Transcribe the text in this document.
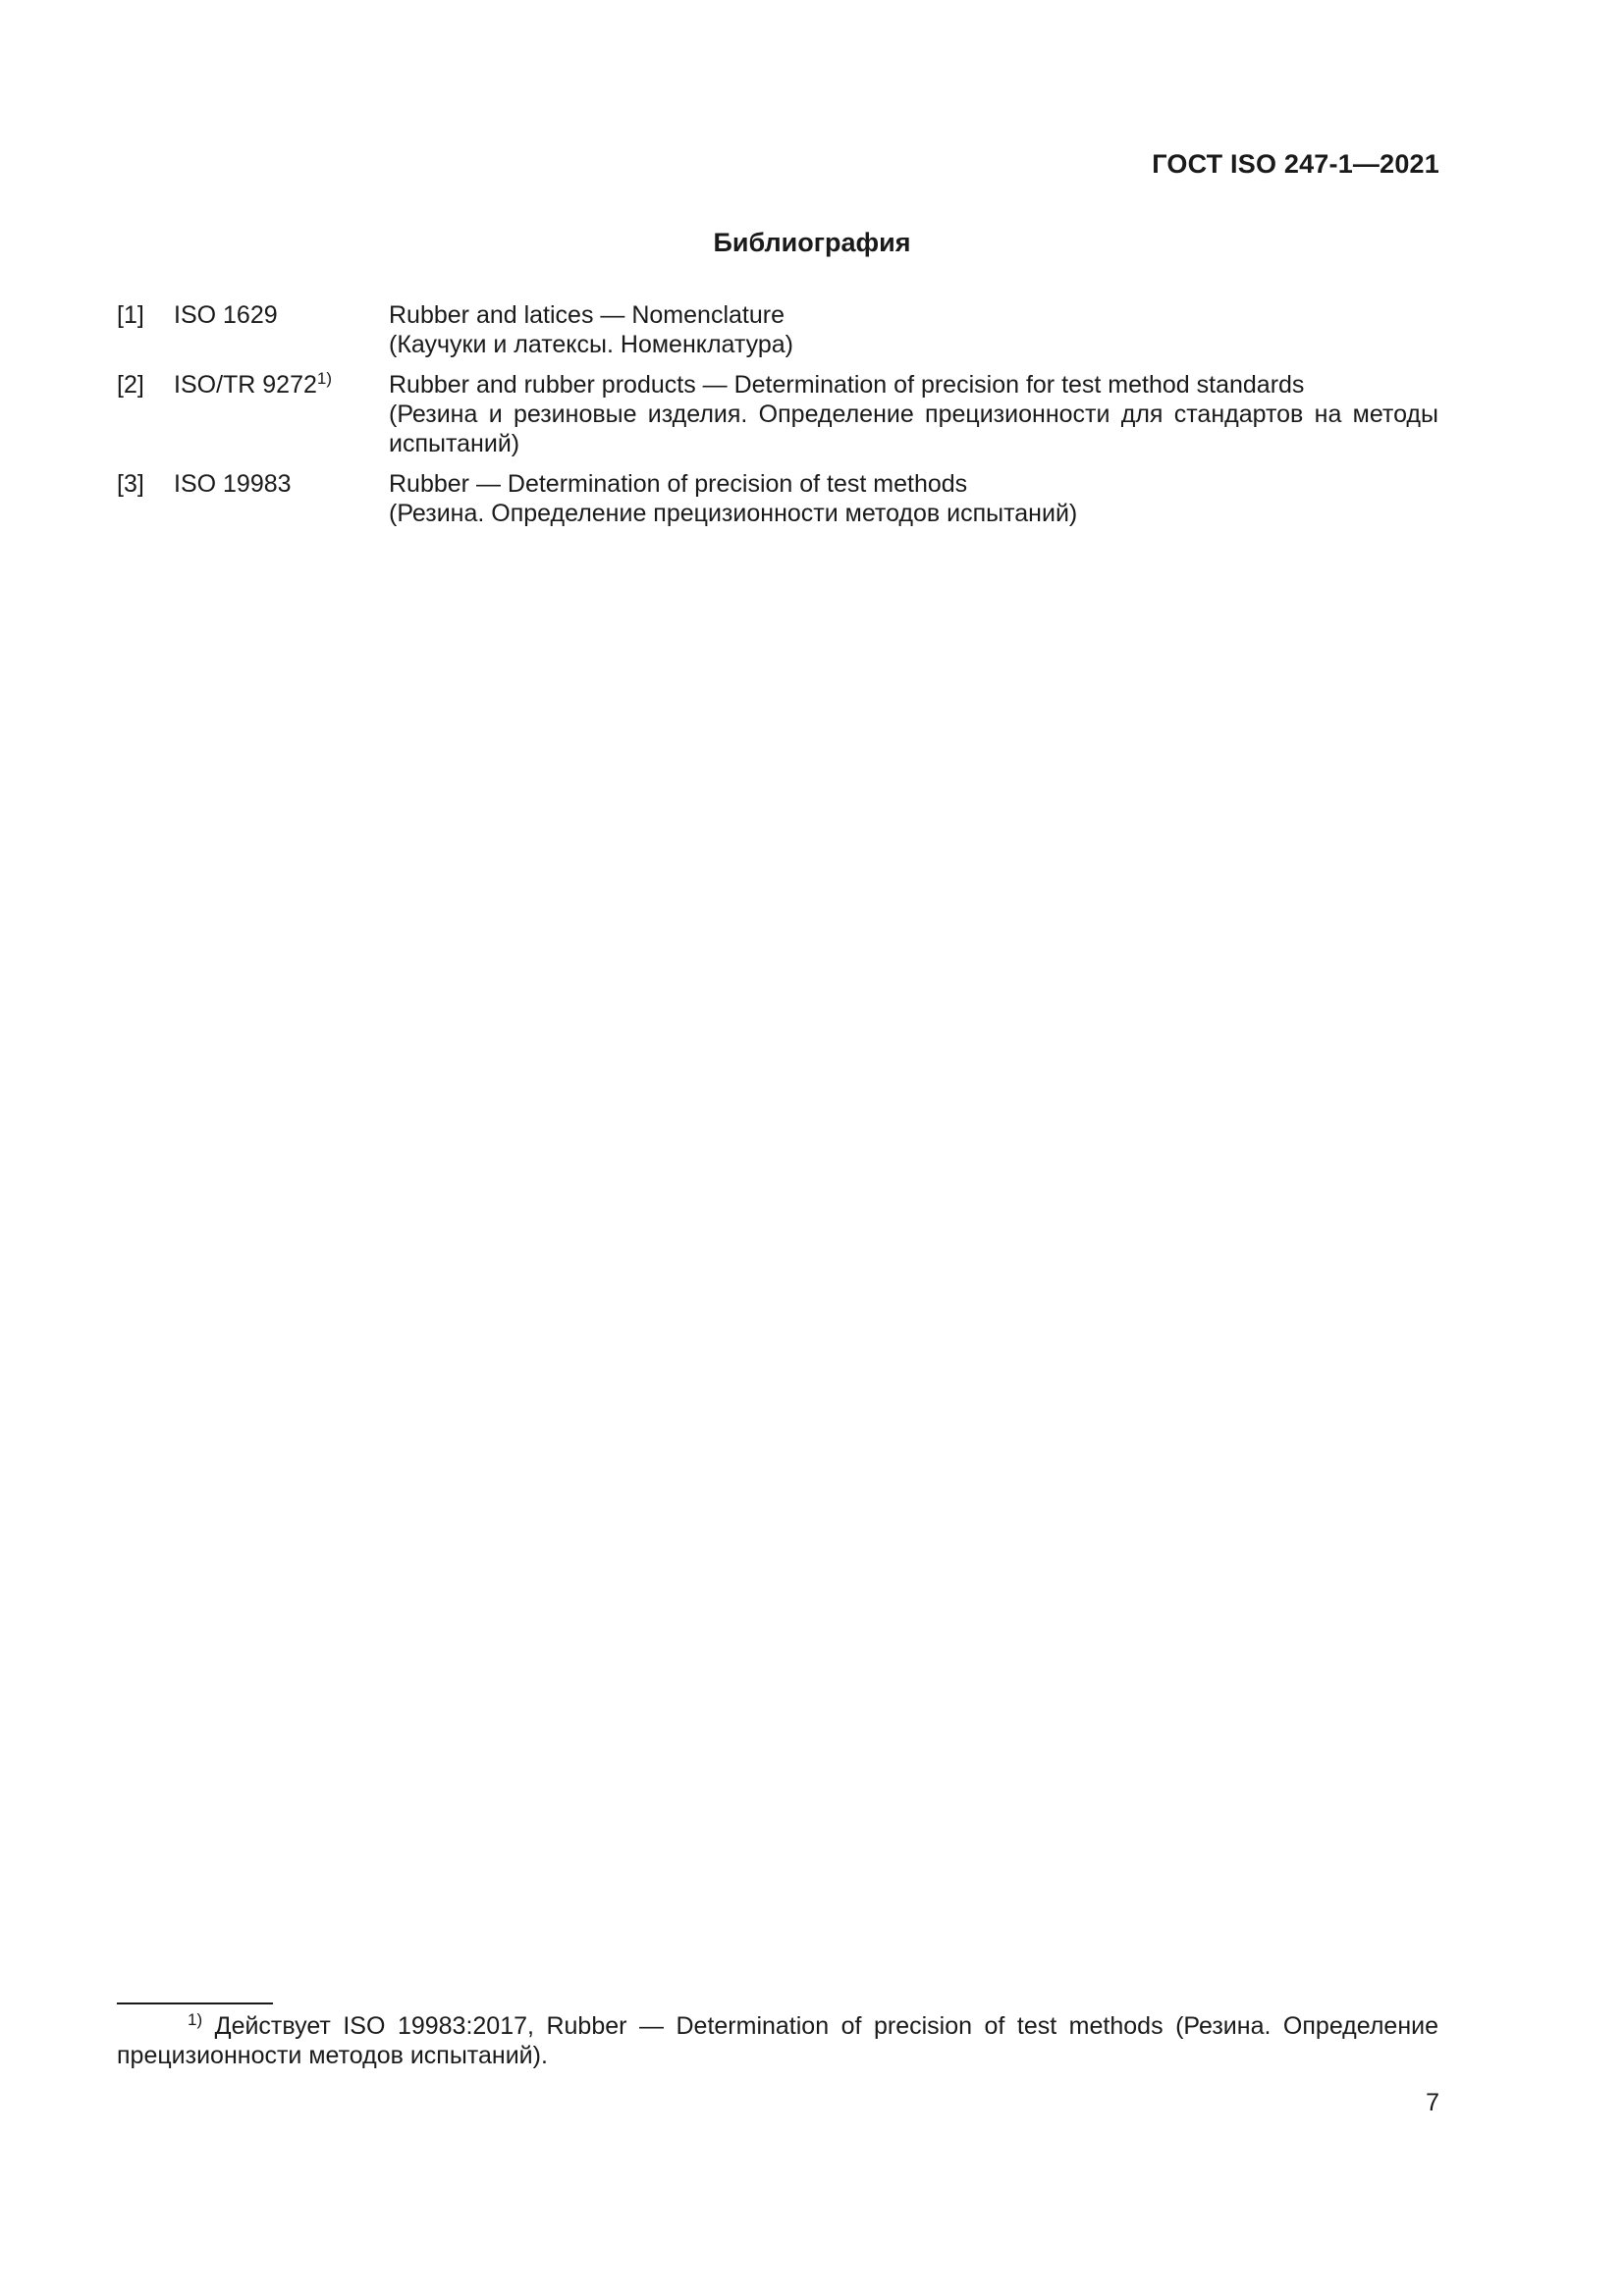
ГОСТ ISO 247-1—2021
Библиография
[1] ISO 1629	Rubber and latices — Nomenclature

(Каучуки и латексы. Номенклатура)

[2] ISO/TR 9272$^{1)}$ Rubber and rubber products — Determination of precision for test method standards

(Резина и резиновые изделия. Определение прецизионности для стандартов на методы испытаний)

[3] ISO 19983	Rubber — Determination of precision of test methods

(Резина. Определение прецизионности методов испытаний)

$^{1)}$ Действует ISO 19983:2017, Rubber — Determination of precision of test methods (Резина. Определение прецизионности методов испытаний).
7
